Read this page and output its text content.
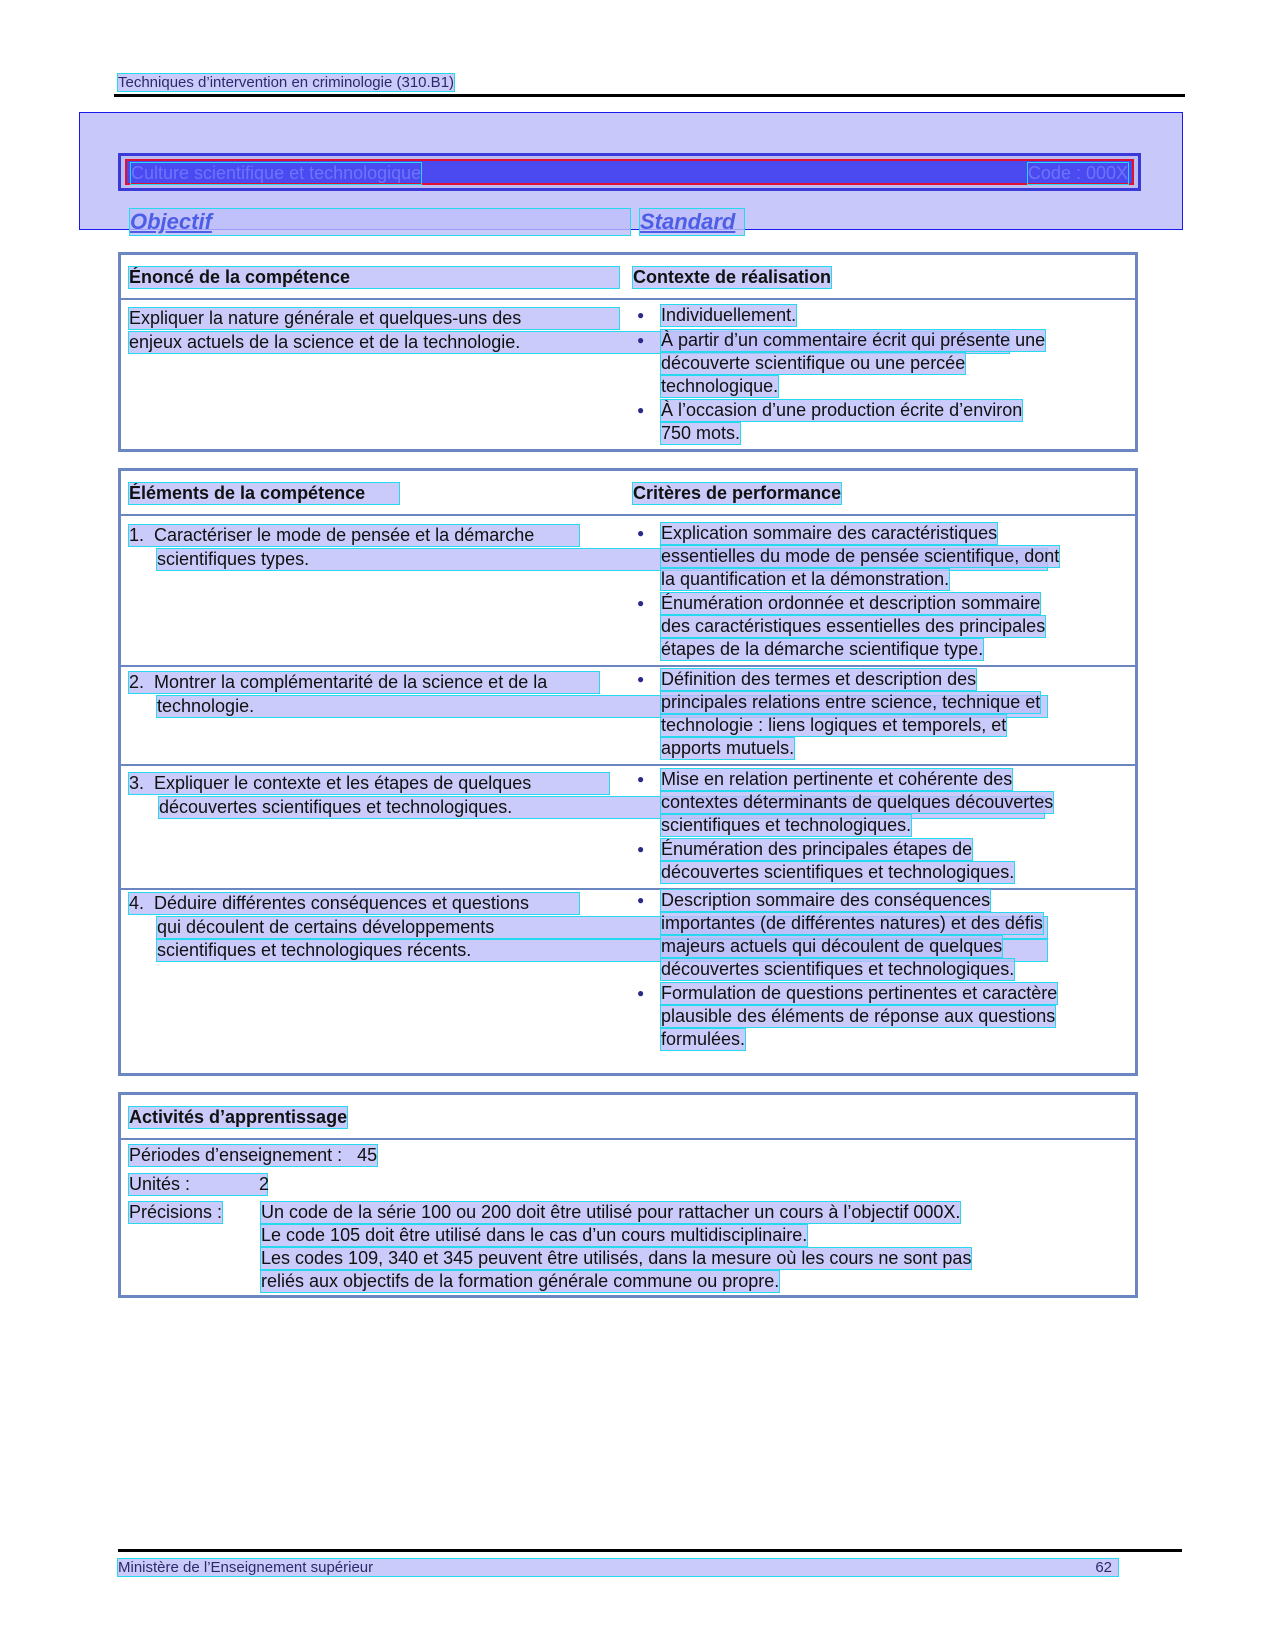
Techniques d’intervention en criminologie (310.B1)
Culture scientifique et technologique	Code : 000X
Objectif	Standard
Énoncé de la compétence	Contexte de réalisation
Expliquer la nature générale et quelques-uns des
enjeux actuels de la science et de la technologie.
● Individuellement.
● À partir d’un commentaire écrit qui présente une
découverte scientifique ou une percée
technologique.
● À l’occasion d’une production écrite d’environ
750 mots.
Éléments de la compétence	Critères de performance
1. Caractériser le mode de pensée et la démarche
scientifiques types.
● Explication sommaire des caractéristiques
essentielles du mode de pensée scientifique, dont
la quantification et la démonstration.
● Énumération ordonnée et description sommaire
des caractéristiques essentielles des principales
étapes de la démarche scientifique type.
2. Montrer la complémentarité de la science et de la
technologie.
● Définition des termes et description des
principales relations entre science, technique et
technologie : liens logiques et temporels, et
apports mutuels.
3. Expliquer le contexte et les étapes de quelques
découvertes scientifiques et technologiques.
● Mise en relation pertinente et cohérente des
contextes déterminants de quelques découvertes
scientifiques et technologiques.
● Énumération des principales étapes de
découvertes scientifiques et technologiques.
4. Déduire différentes conséquences et questions
qui découlent de certains développements
scientifiques et technologiques récents.
● Description sommaire des conséquences
importantes (de différentes natures) et des défis
majeurs actuels qui découlent de quelques
découvertes scientifiques et technologiques.
● Formulation de questions pertinentes et caractère
plausible des éléments de réponse aux questions
formulées.
Activités d’apprentissage
Périodes d’enseignement : 45
Unités :	2
Précisions : Un code de la série 100 ou 200 doit être utilisé pour rattacher un cours à l’objectif 000X.
Le code 105 doit être utilisé dans le cas d’un cours multidisciplinaire.
Les codes 109, 340 et 345 peuvent être utilisés, dans la mesure où les cours ne sont pas
reliés aux objectifs de la formation générale commune ou propre.
Ministère de l’Enseignement supérieur	62
